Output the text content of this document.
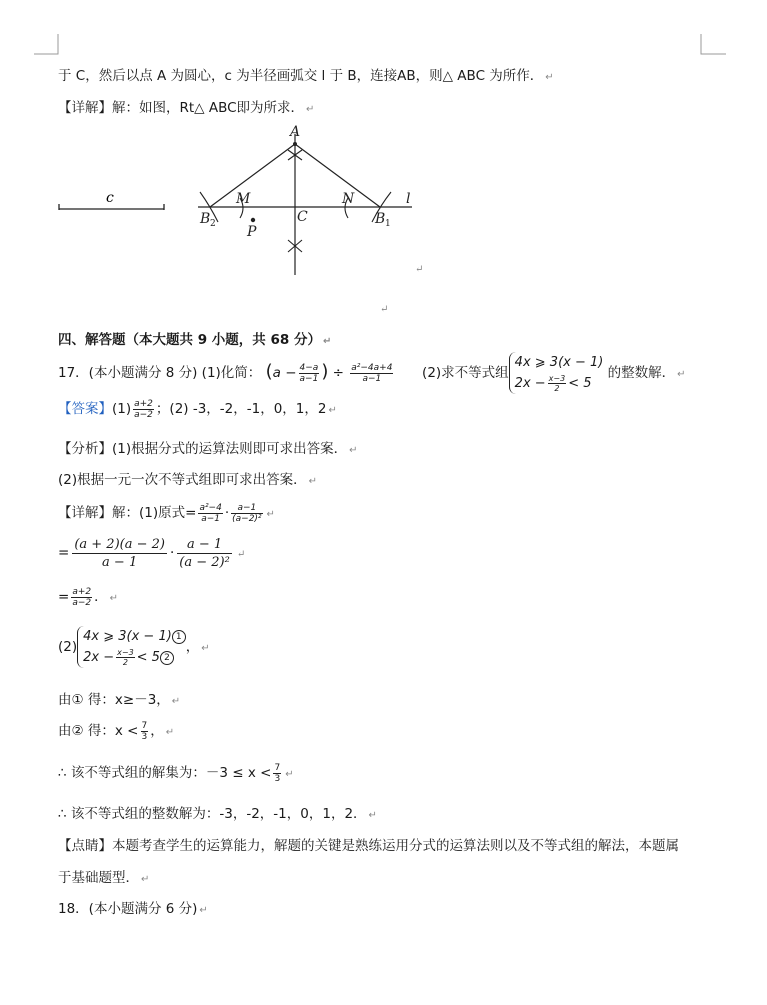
于 C，然后以点 A 为圆心，c 为半径画弧交 l 于 B，连接AB，则△ ABC 为所作． ↵
【详解】解：如图，Rt△ ABC即为所求． ↵
c
A
M	N	l
B 2	C	B 1
P
↵
↵
四、解答题（本大题共 9 小题，共 68 分） ↵
17．(本小题满分 8 分) (1)化简： ($a - \frac{4-a}{a-1}$ ) ÷ $\frac{\text{a²−4a+4}}{a-1} (2)$求不等式组
4x ⩾ 3(x − 1)
$2x - \frac{x-3}{2} < 5$
的整数解． ↵
【答案】$(1) \frac{a+2}{a-2}$ ；(2) -3，-2，-1，0，1，2 ↵
【分析】(1)根据分式的运算法则即可求出答案． ↵
(2)根据一元一次不等式组即可求出答案． ↵
【详解】解：(1)原式= $\frac{\text{a²−4}}{a-1} \cdot \frac{a-1}{\text{(a−2)²}}$ ↵
= $\frac{(a + 2)(a - 2)}{a - 1} \cdot \frac{a - 1}{\text{(a − 2)²}}$ ↵
= $\frac{a+2}{a-2}$ ． ↵
(2)
4x ⩾ 3(x − 1) 1
$2x - \frac{x-3}{2} < 5$ 2
， ↵
由① 得：x≥－3， ↵
由② 得：$x < \frac{7}{3}$ ， ↵
∴ 该不等式组的解集为：$-3 \le x < \frac{7}{3}$ ↵
∴ 该不等式组的整数解为：-3，-2，-1，0，1，2． ↵
【点睛】本题考查学生的运算能力，解题的关键是熟练运用分式的运算法则以及不等式组的解法，本题属
于基础题型． ↵
18．(本小题满分 6 分) ↵
